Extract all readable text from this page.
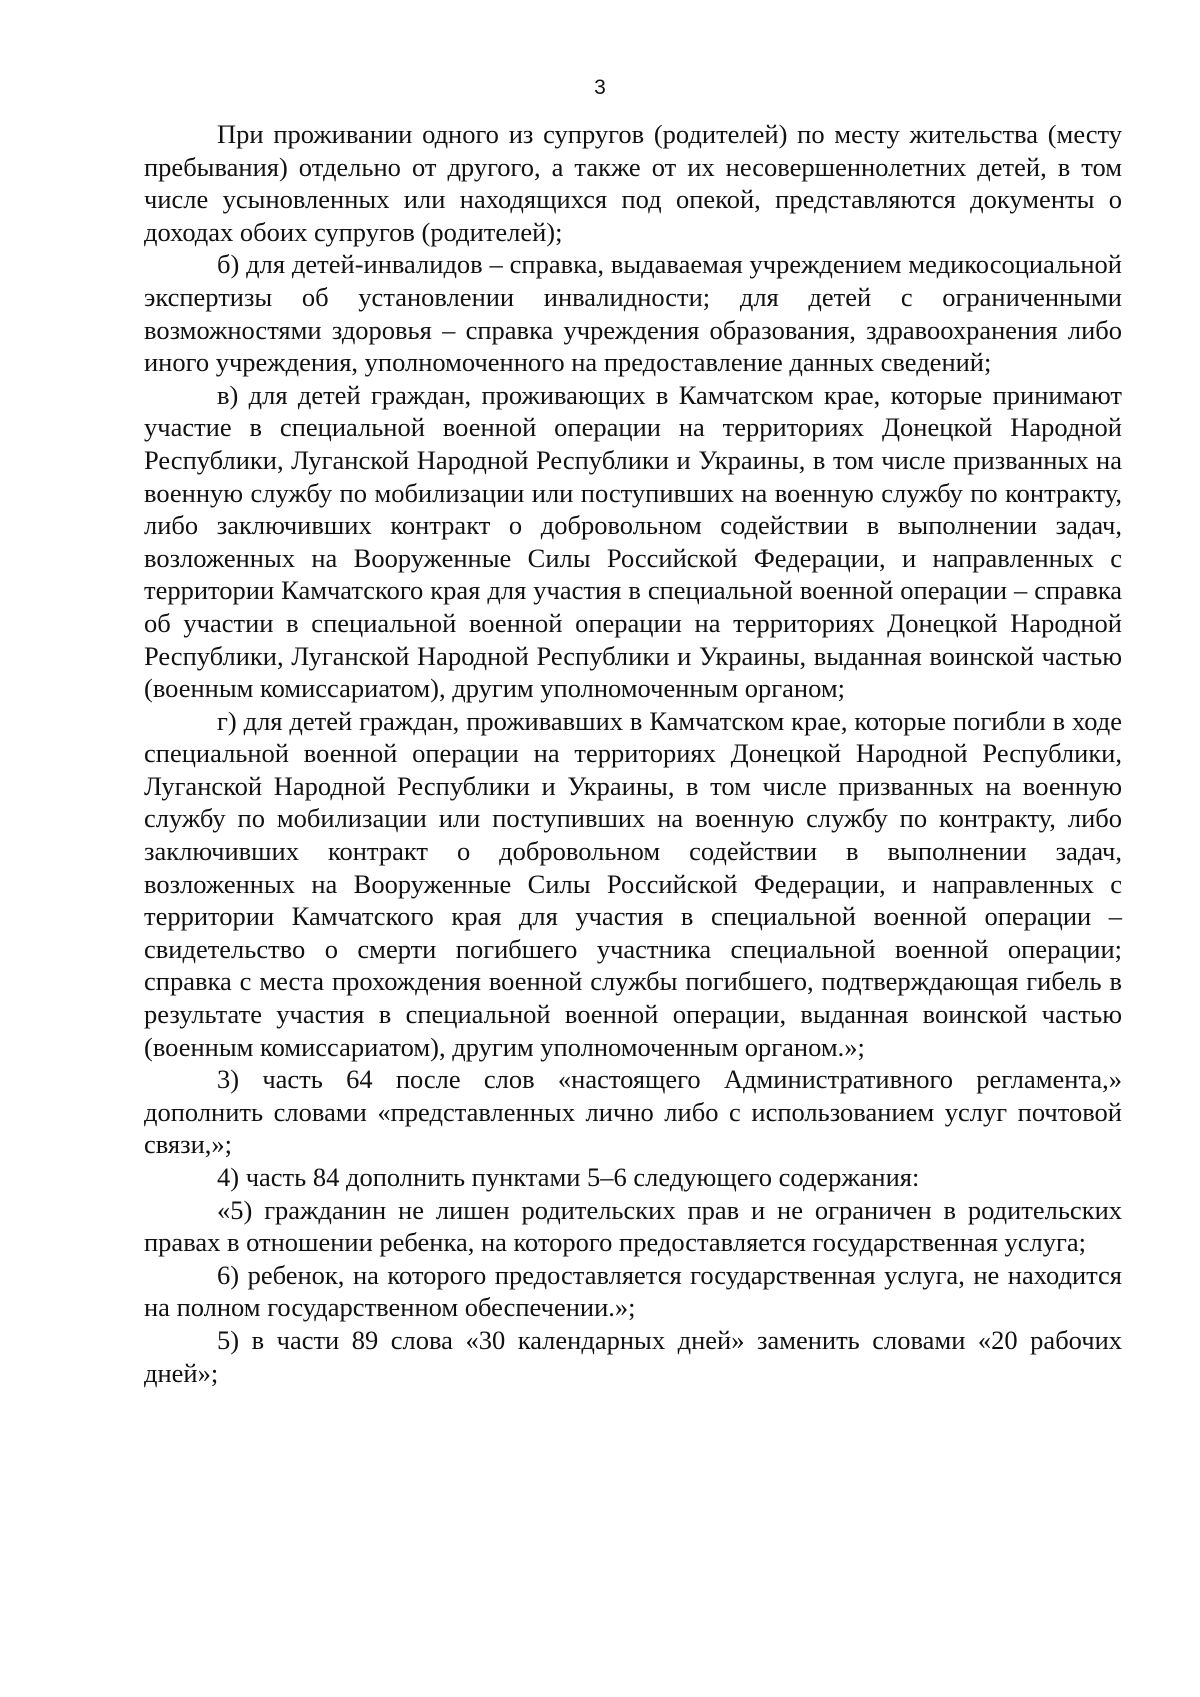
3

При проживании одного из супругов (родителей) по месту жительства (месту пребывания) отдельно от другого, а также от их несовершеннолетних детей, в том числе усыновленных или находящихся под опекой, представляются документы о доходах обоих супругов (родителей);

б) для детей-инвалидов – справка, выдаваемая учреждением медикосоциальной экспертизы об установлении инвалидности; для детей с ограниченными возможностями здоровья – справка учреждения образования, здравоохранения либо иного учреждения, уполномоченного на предоставление данных сведений;

в) для детей граждан, проживающих в Камчатском крае, которые принимают участие в специальной военной операции на территориях Донецкой Народной Республики, Луганской Народной Республики и Украины, в том числе призванных на военную службу по мобилизации или поступивших на военную службу по контракту, либо заключивших контракт о добровольном содействии в выполнении задач, возложенных на Вооруженные Силы Российской Федерации, и направленных с территории Камчатского края для участия в специальной военной операции – справка об участии в специальной военной операции на территориях Донецкой Народной Республики, Луганской Народной Республики и Украины, выданная воинской частью (военным комиссариатом), другим уполномоченным органом;

г) для детей граждан, проживавших в Камчатском крае, которые погибли в ходе специальной военной операции на территориях Донецкой Народной Республики, Луганской Народной Республики и Украины, в том числе призванных на военную службу по мобилизации или поступивших на военную службу по контракту, либо заключивших контракт о добровольном содействии в выполнении задач, возложенных на Вооруженные Силы Российской Федерации, и направленных с территории Камчатского края для участия в специальной военной операции – свидетельство о смерти погибшего участника специальной военной операции; справка с места прохождения военной службы погибшего, подтверждающая гибель в результате участия в специальной военной операции, выданная воинской частью (военным комиссариатом), другим уполномоченным органом.»;

3) часть 64 после слов «настоящего Административного регламента,» дополнить словами «представленных лично либо с использованием услуг почтовой связи,»;

4) часть 84 дополнить пунктами 5–6 следующего содержания:

«5) гражданин не лишен родительских прав и не ограничен в родительских правах в отношении ребенка, на которого предоставляется государственная услуга;

6) ребенок, на которого предоставляется государственная услуга, не находится на полном государственном обеспечении.»;

5) в части 89 слова «30 календарных дней» заменить словами «20 рабочих дней»;
